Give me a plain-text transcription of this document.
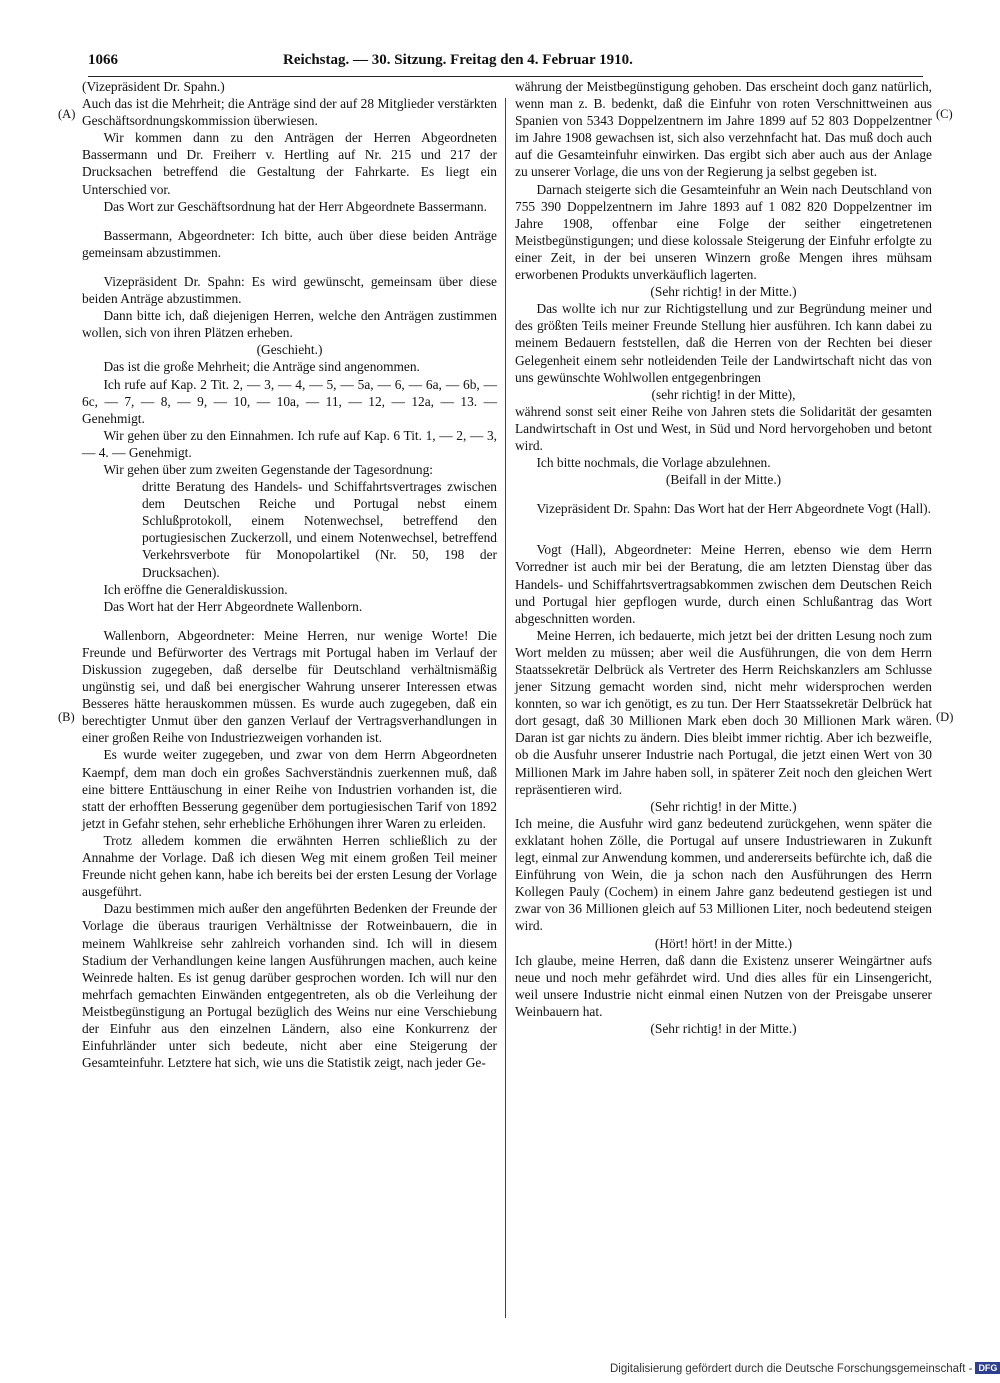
1066	Reichstag. — 30. Sitzung. Freitag den 4. Februar 1910.
(A)
(B)
(C)
(D)

(Vizepräsident Dr. Spahn.)

Auch das ist die Mehrheit; die Anträge sind der auf 28 Mitglieder verstärkten Geschäftsordnungskommission überwiesen.

Wir kommen dann zu den Anträgen der Herren Abgeordneten Bassermann und Dr. Freiherr v. Hertling auf Nr. 215 und 217 der Drucksachen betreffend die Gestaltung der Fahrkarte. Es liegt ein Unterschied vor.

Das Wort zur Geschäftsordnung hat der Herr Abgeordnete Bassermann.

Bassermann, Abgeordneter: Ich bitte, auch über diese beiden Anträge gemeinsam abzustimmen.

Vizepräsident Dr. Spahn: Es wird gewünscht, gemeinsam über diese beiden Anträge abzustimmen.

Dann bitte ich, daß diejenigen Herren, welche den Anträgen zustimmen wollen, sich von ihren Plätzen erheben.

(Geschieht.)

Das ist die große Mehrheit; die Anträge sind angenommen.

Ich rufe auf Kap. 2 Tit. 2, — 3, — 4, — 5, — 5a, — 6, — 6a, — 6b, — 6c, — 7, — 8, — 9, — 10, — 10a, — 11, — 12, — 12a, — 13. — Genehmigt.

Wir gehen über zu den Einnahmen. Ich rufe auf Kap. 6 Tit. 1, — 2, — 3, — 4. — Genehmigt.

Wir gehen über zum zweiten Gegenstande der Tagesordnung:

dritte Beratung des Handels- und Schiffahrtsvertrages zwischen dem Deutschen Reiche und Portugal nebst einem Schlußprotokoll, einem Notenwechsel, betreffend den portugiesischen Zuckerzoll, und einem Notenwechsel, betreffend Verkehrsverbote für Monopolartikel (Nr. 50, 198 der Drucksachen).

Ich eröffne die Generaldiskussion.

Das Wort hat der Herr Abgeordnete Wallenborn.

Wallenborn, Abgeordneter: Meine Herren, nur wenige Worte! Die Freunde und Befürworter des Vertrags mit Portugal haben im Verlauf der Diskussion zugegeben, daß derselbe für Deutschland verhältnismäßig ungünstig sei, und daß bei energischer Wahrung unserer Interessen etwas Besseres hätte herauskommen müssen. Es wurde auch zugegeben, daß ein berechtigter Unmut über den ganzen Verlauf der Vertragsverhandlungen in einer großen Reihe von Industriezweigen vorhanden ist.

Es wurde weiter zugegeben, und zwar von dem Herrn Abgeordneten Kaempf, dem man doch ein großes Sachverständnis zuerkennen muß, daß eine bittere Enttäuschung in einer Reihe von Industrien vorhanden ist, die statt der erhofften Besserung gegenüber dem portugiesischen Tarif von 1892 jetzt in Gefahr stehen, sehr erhebliche Erhöhungen ihrer Waren zu erleiden.

Trotz alledem kommen die erwähnten Herren schließlich zu der Annahme der Vorlage. Daß ich diesen Weg mit einem großen Teil meiner Freunde nicht gehen kann, habe ich bereits bei der ersten Lesung der Vorlage ausgeführt.

Dazu bestimmen mich außer den angeführten Bedenken der Freunde der Vorlage die überaus traurigen Verhältnisse der Rotweinbauern, die in meinem Wahlkreise sehr zahlreich vorhanden sind. Ich will in diesem Stadium der Verhandlungen keine langen Ausführungen machen, auch keine Weinrede halten. Es ist genug darüber gesprochen worden. Ich will nur den mehrfach gemachten Einwänden entgegentreten, als ob die Verleihung der Meistbegünstigung an Portugal bezüglich des Weins nur eine Verschiebung der Einfuhr aus den einzelnen Ländern, also eine Konkurrenz der Einfuhrländer unter sich bedeute, nicht aber eine Steigerung der Gesamteinfuhr. Letztere hat sich, wie uns die Statistik zeigt, nach jeder Ge-

währung der Meistbegünstigung gehoben. Das erscheint doch ganz natürlich, wenn man z. B. bedenkt, daß die Einfuhr von roten Verschnittweinen aus Spanien von 5343 Doppelzentnern im Jahre 1899 auf 52 803 Doppelzentner im Jahre 1908 gewachsen ist, sich also verzehnfacht hat. Das muß doch auch auf die Gesamteinfuhr einwirken. Das ergibt sich aber auch aus der Anlage zu unserer Vorlage, die uns von der Regierung ja selbst gegeben ist.

Darnach steigerte sich die Gesamteinfuhr an Wein nach Deutschland von 755 390 Doppelzentnern im Jahre 1893 auf 1 082 820 Doppelzentner im Jahre 1908, offenbar eine Folge der seither eingetretenen Meistbegünstigungen; und diese kolossale Steigerung der Einfuhr erfolgte zu einer Zeit, in der bei unseren Winzern große Mengen ihres mühsam erworbenen Produkts unverkäuflich lagerten.

(Sehr richtig! in der Mitte.)

Das wollte ich nur zur Richtigstellung und zur Begründung meiner und des größten Teils meiner Freunde Stellung hier ausführen. Ich kann dabei zu meinem Bedauern feststellen, daß die Herren von der Rechten bei dieser Gelegenheit einem sehr notleidenden Teile der Landwirtschaft nicht das von uns gewünschte Wohlwollen entgegenbringen

(sehr richtig! in der Mitte),

während sonst seit einer Reihe von Jahren stets die Solidarität der gesamten Landwirtschaft in Ost und West, in Süd und Nord hervorgehoben und betont wird.

Ich bitte nochmals, die Vorlage abzulehnen.

(Beifall in der Mitte.)

Vizepräsident Dr. Spahn: Das Wort hat der Herr Abgeordnete Vogt (Hall).

Vogt (Hall), Abgeordneter: Meine Herren, ebenso wie dem Herrn Vorredner ist auch mir bei der Beratung, die am letzten Dienstag über das Handels- und Schiffahrtsvertragsabkommen zwischen dem Deutschen Reich und Portugal hier gepflogen wurde, durch einen Schlußantrag das Wort abgeschnitten worden.

Meine Herren, ich bedauerte, mich jetzt bei der dritten Lesung noch zum Wort melden zu müssen; aber weil die Ausführungen, die von dem Herrn Staatssekretär Delbrück als Vertreter des Herrn Reichskanzlers am Schlusse jener Sitzung gemacht worden sind, nicht mehr widersprochen werden konnten, so war ich genötigt, es zu tun. Der Herr Staatssekretär Delbrück hat dort gesagt, daß 30 Millionen Mark eben doch 30 Millionen Mark wären. Daran ist gar nichts zu ändern. Dies bleibt immer richtig. Aber ich bezweifle, ob die Ausfuhr unserer Industrie nach Portugal, die jetzt einen Wert von 30 Millionen Mark im Jahre haben soll, in späterer Zeit noch den gleichen Wert repräsentieren wird.

(Sehr richtig! in der Mitte.)

Ich meine, die Ausfuhr wird ganz bedeutend zurückgehen, wenn später die exklatant hohen Zölle, die Portugal auf unsere Industriewaren in Zukunft legt, einmal zur Anwendung kommen, und andererseits befürchte ich, daß die Einführung von Wein, die ja schon nach den Ausführungen des Herrn Kollegen Pauly (Cochem) in einem Jahre ganz bedeutend gestiegen ist und zwar von 36 Millionen gleich auf 53 Millionen Liter, noch bedeutend steigen wird.

(Hört! hört! in der Mitte.)

Ich glaube, meine Herren, daß dann die Existenz unserer Weingärtner aufs neue und noch mehr gefährdet wird. Und dies alles für ein Linsengericht, weil unsere Industrie nicht einmal einen Nutzen von der Preisgabe unserer Weinbauern hat.

(Sehr richtig! in der Mitte.)

Digitalisierung gefördert durch die Deutsche Forschungsgemeinschaft - DFG
